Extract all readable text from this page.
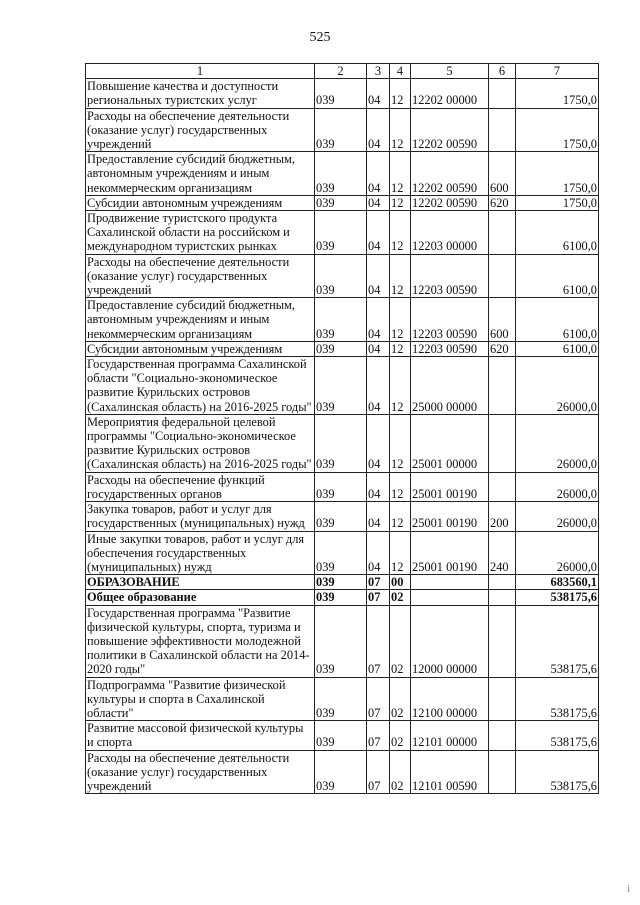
525
1	2	3	4	5	6	7
Повышение качества и доступности региональных туристских услуг	039	04	12	12202 00000		1750,0
Расходы на обеспечение деятельности (оказание услуг) государственных учреждений	039	04	12	12202 00590		1750,0
Предоставление субсидий бюджетным, автономным учреждениям и иным некоммерческим организациям	039	04	12	12202 00590	600	1750,0
Субсидии автономным учреждениям	039	04	12	12202 00590	620	1750,0
Продвижение туристского продукта Сахалинской области на российском и международном туристских рынках	039	04	12	12203 00000		6100,0
Расходы на обеспечение деятельности (оказание услуг) государственных учреждений	039	04	12	12203 00590		6100,0
Предоставление субсидий бюджетным, автономным учреждениям и иным некоммерческим организациям	039	04	12	12203 00590	600	6100,0
Субсидии автономным учреждениям	039	04	12	12203 00590	620	6100,0
Государственная программа Сахалинской области "Социально-экономическое развитие Курильских островов (Сахалинская область) на 2016-2025 годы"	039	04	12	25000 00000		26000,0
Мероприятия федеральной целевой программы "Социально-экономическое развитие Курильских островов (Сахалинская область) на 2016-2025 годы"	039	04	12	25001 00000		26000,0
Расходы на обеспечение функций государственных органов	039	04	12	25001 00190		26000,0
Закупка товаров, работ и услуг для государственных (муниципальных) нужд	039	04	12	25001 00190	200	26000,0
Иные закупки товаров, работ и услуг для обеспечения государственных (муниципальных) нужд	039	04	12	25001 00190	240	26000,0
ОБРАЗОВАНИЕ	039	07	00			683560,1
Общее образование	039	07	02			538175,6
Государственная программа "Развитие физической культуры, спорта, туризма и повышение эффективности молодежной политики в Сахалинской области на 2014-2020 годы"	039	07	02	12000 00000		538175,6
Подпрограмма "Развитие физической культуры и спорта в Сахалинской области"	039	07	02	12100 00000		538175,6
Развитие массовой физической культуры и спорта	039	07	02	12101 00000		538175,6
Расходы на обеспечение деятельности (оказание услуг) государственных учреждений	039	07	02	12101 00590		538175,6
i
